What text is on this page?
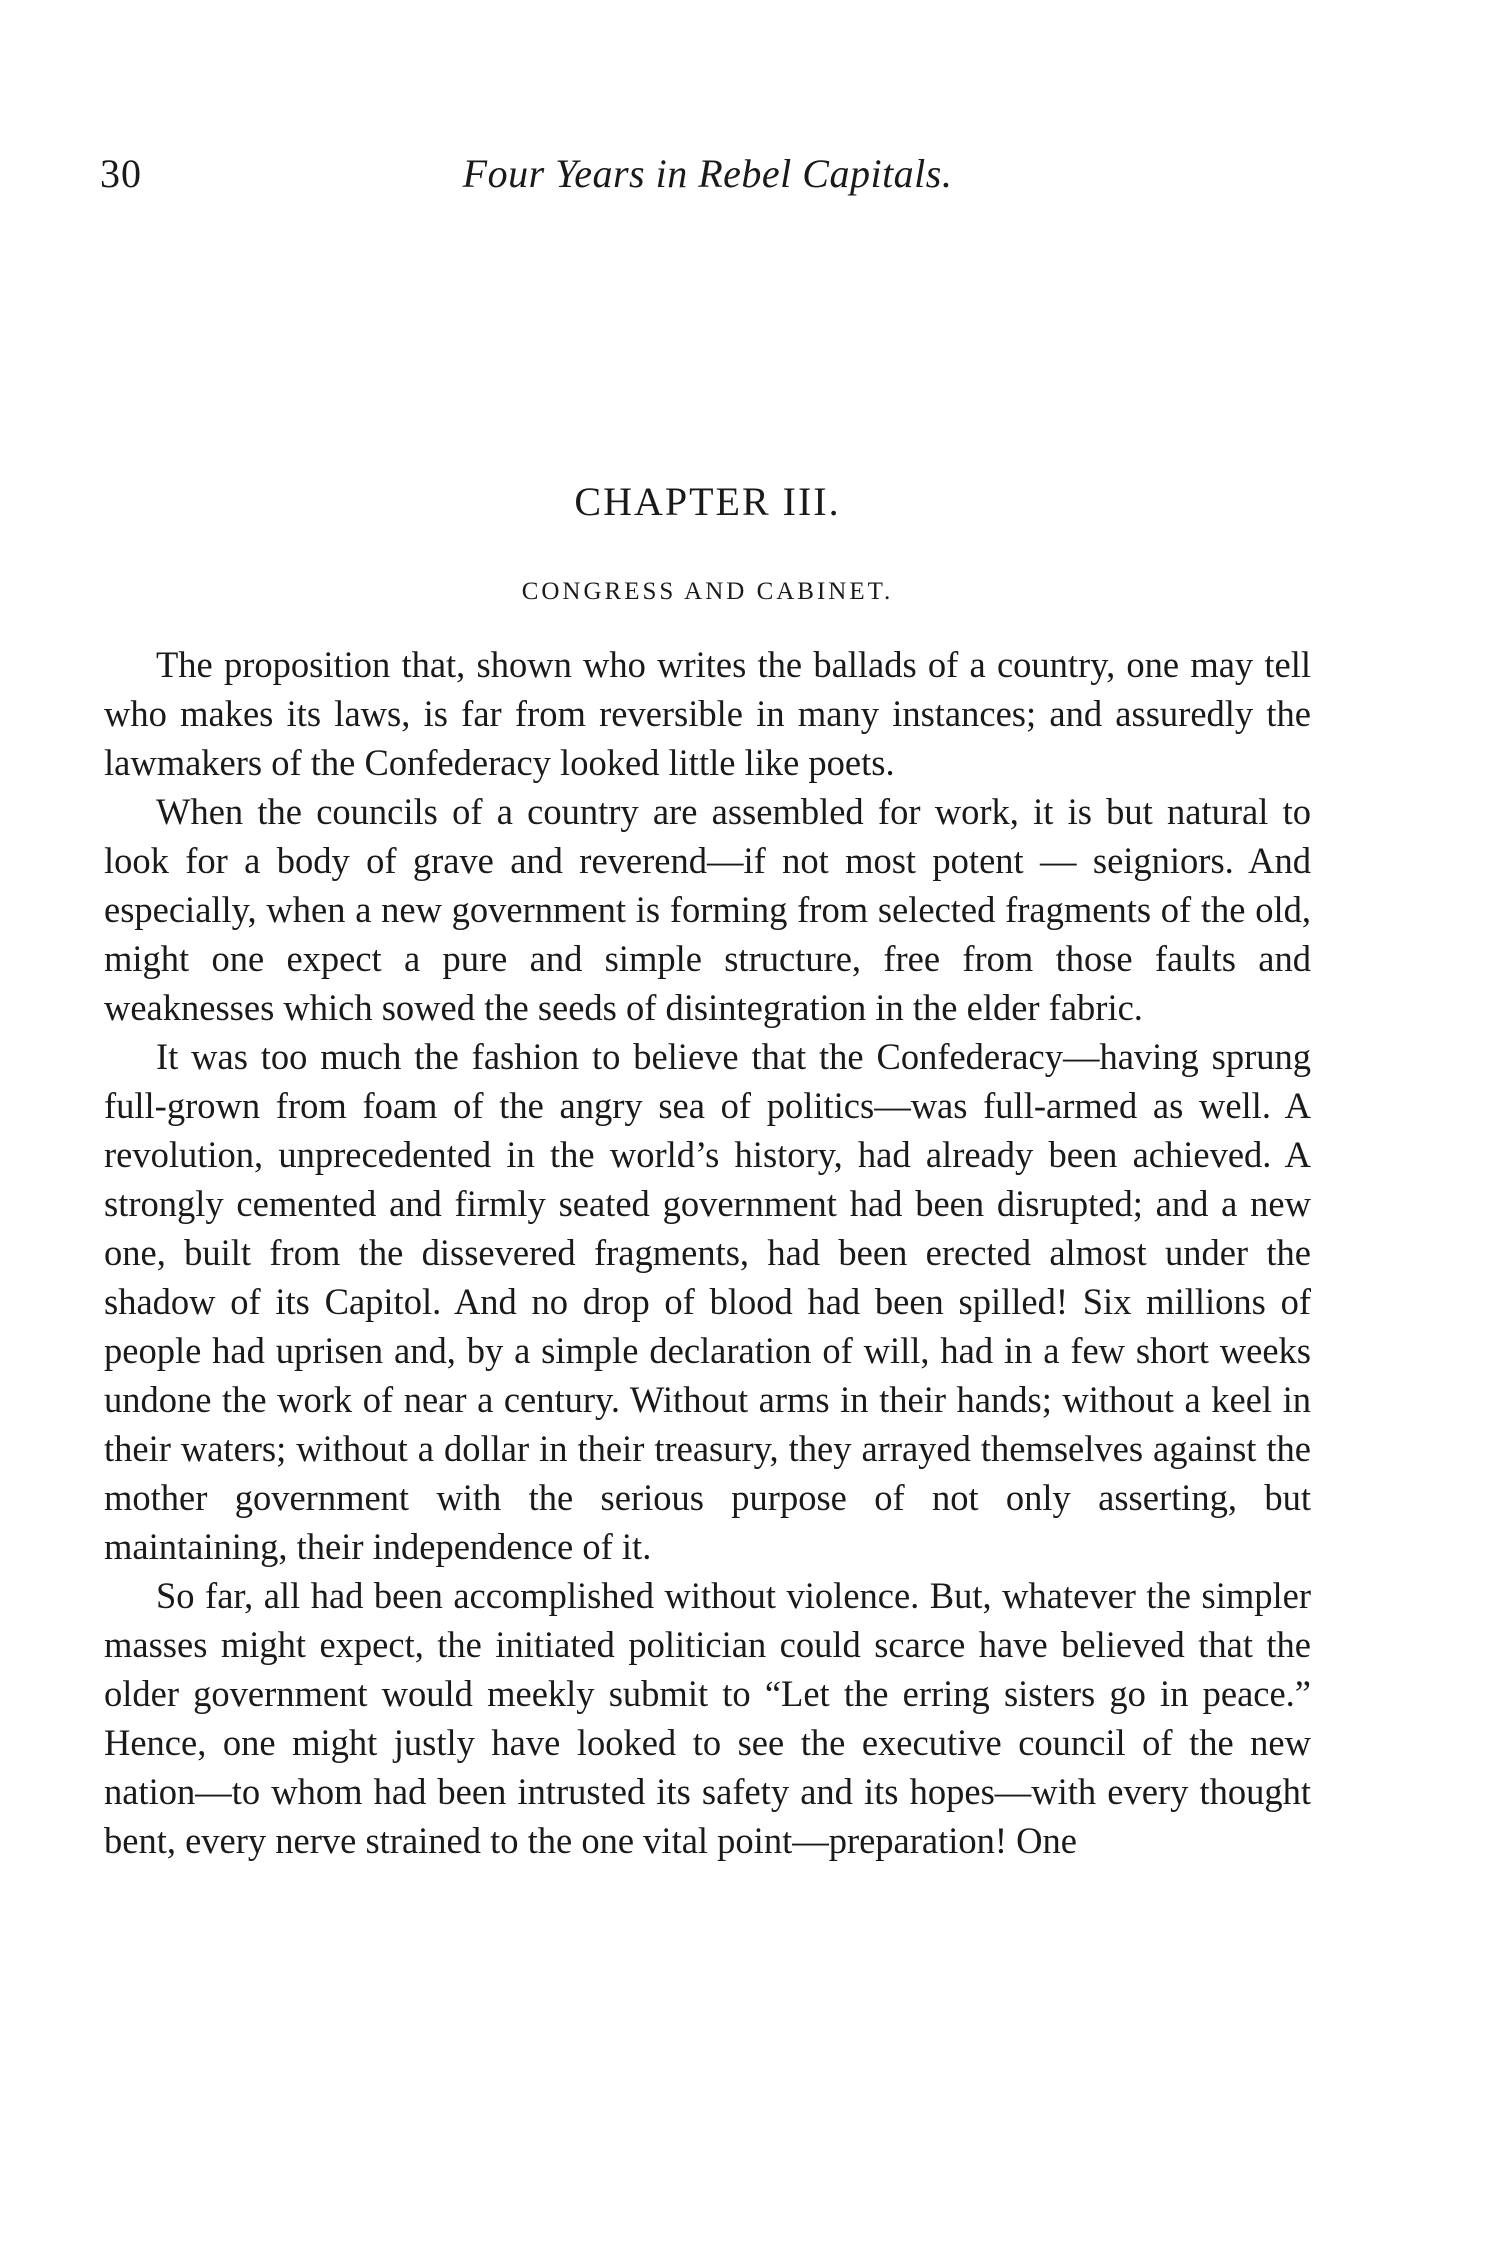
30	Four Years in Rebel Capitals.
CHAPTER III.
CONGRESS AND CABINET.

The proposition that, shown who writes the ballads of a country, one may tell who makes its laws, is far from reversible in many instances; and assuredly the lawmakers of the Confederacy looked little like poets.

When the councils of a country are assembled for work, it is but natural to look for a body of grave and reverend—if not most potent — seigniors. And especially, when a new government is forming from selected fragments of the old, might one expect a pure and simple structure, free from those faults and weaknesses which sowed the seeds of disintegration in the elder fabric.

It was too much the fashion to believe that the Confederacy—having sprung full-grown from foam of the angry sea of politics—was full-armed as well. A revolution, unprecedented in the world’s history, had already been achieved. A strongly cemented and firmly seated government had been disrupted; and a new one, built from the dissevered fragments, had been erected almost under the shadow of its Capitol. And no drop of blood had been spilled! Six millions of people had uprisen and, by a simple declaration of will, had in a few short weeks undone the work of near a century. Without arms in their hands; without a keel in their waters; without a dollar in their treasury, they arrayed themselves against the mother government with the serious purpose of not only asserting, but maintaining, their independence of it.

So far, all had been accomplished without violence. But, whatever the simpler masses might expect, the initiated politician could scarce have believed that the older government would meekly submit to “Let the erring sisters go in peace.” Hence, one might justly have looked to see the executive council of the new nation—to whom had been intrusted its safety and its hopes—with every thought bent, every nerve strained to the one vital point—preparation! One
